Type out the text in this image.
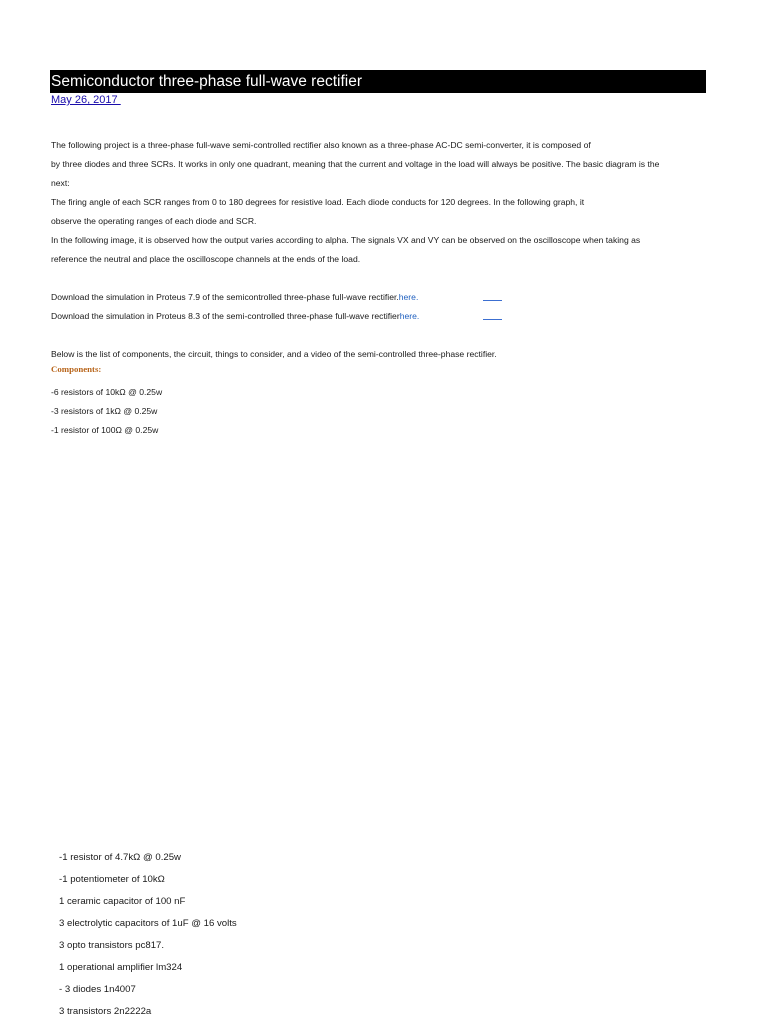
Semiconductor three-phase full-wave rectifier
May 26, 2017
The following project is a three-phase full-wave semi-controlled rectifier also known as a three-phase AC-DC semi-converter, it is composed of
by three diodes and three SCRs. It works in only one quadrant, meaning that the current and voltage in the load will always be positive. The basic diagram is the
next:
The firing angle of each SCR ranges from 0 to 180 degrees for resistive load. Each diode conducts for 120 degrees. In the following graph, it
observe the operating ranges of each diode and SCR.
In the following image, it is observed how the output varies according to alpha. The signals VX and VY can be observed on the oscilloscope when taking as
reference the neutral and place the oscilloscope channels at the ends of the load.
Download the simulation in Proteus 7.9 of the semicontrolled three-phase full-wave rectifier.here.
Download the simulation in Proteus 8.3 of the semi-controlled three-phase full-wave rectifierhere.
Below is the list of components, the circuit, things to consider, and a video of the semi-controlled three-phase rectifier.
Components:
-6 resistors of 10kΩ @ 0.25w
-3 resistors of 1kΩ @ 0.25w
-1 resistor of 100Ω @ 0.25w
-1 resistor of 4.7kΩ @ 0.25w
-1 potentiometer of 10kΩ
1 ceramic capacitor of 100 nF
3 electrolytic capacitors of 1uF @ 16 volts
3 opto transistors pc817.
1 operational amplifier lm324
- 3 diodes 1n4007
3 transistors 2n2222a
